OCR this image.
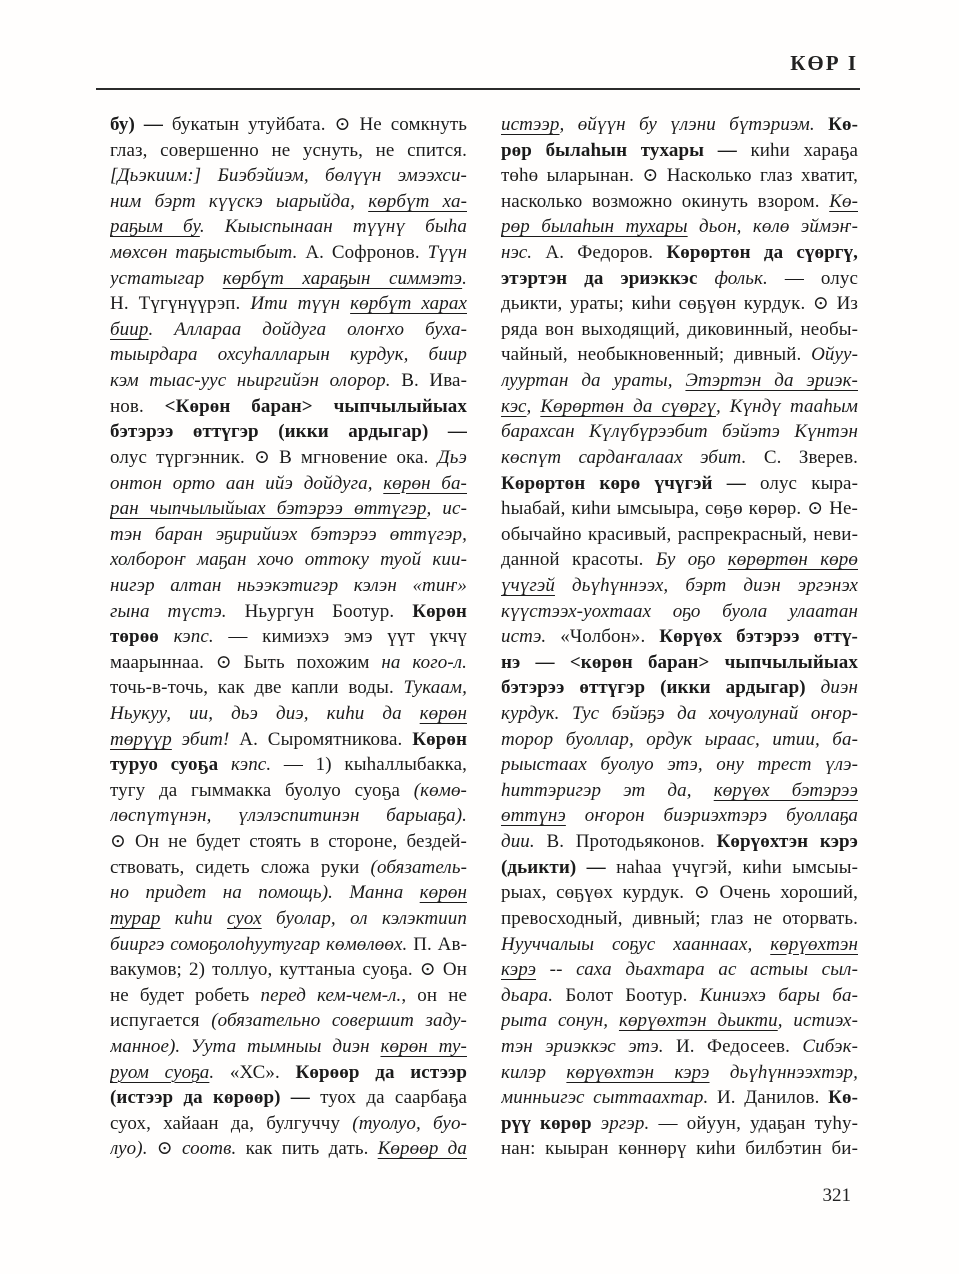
КӨР I
бу) — букатын утуйбата. ⊙ Не сомкнуть
глаз, совершенно не уснуть, не спится.
[Дьэкиим:] Биэбэйиэм, бөлүүн эмээхси-
ним бэрт күүскэ ыарыйда, көрбүт ха-
раҕым бу. Кыыспынаан түүнү быһа
мөхсөн таҕыстыбыт. А. Софронов. Түүн
устатыгар көрбүт хараҕын симмэтэ.
Н. Түгүнүүрэп. Ити түүн көрбүт харах
биир. Аллараа дойдуга олоҥхо буха-
тыырдара охсуһалларын курдук, биир
кэм тыас-уус ньиргийэн олорор. В. Ива-
нов. <Көрөн баран> чыпчылыйыах
бэтэрээ өттүгэр (икки ардыгар) —
олус түргэнник. ⊙ В мгновение ока. Дьэ
онтон орто аан ийэ дойдуга, көрөн ба-
ран чыпчылыйыах бэтэрээ өттүгэр, ис-
тэн баран эҕирийиэх бэтэрээ өттүгэр,
холбороҥ маҕан хочо оттоку туой кии-
нигэр алтан ньээкэтигэр кэлэн «тиҥ»
гына түстэ. Ньургун Боотур. Көрөн
төрөө кэпс. — кимиэхэ эмэ үүт үкчү
маарыннаа. ⊙ Быть похожим на кого-л.
точь-в-точь, как две капли воды. Тукаам,
Ньукуу, ии, дьэ диэ, киһи да көрөн
төрүүр эбит! А. Сыромятникова. Көрөн
туруо суоҕа кэпс. — 1) кыһаллыбакка,
тугу да гыммакка буолуо суоҕа (көмө-
лөспүтүнэн, үлэлэспитинэн барыаҕа).
⊙ Он не будет стоять в стороне, бездей-
ствовать, сидеть сложа руки (обязатель-
но придет на помощь). Манна көрөн
турар киһи суох буолар, ол кэлэктиип
бииргэ сомоҕолоһуутугар көмөлөөх. П. Ав-
вакумов; 2) толлуо, куттаныа суоҕа. ⊙ Он
не будет робеть перед кем-чем-л., он не
испугается (обязательно совершит заду-
манное). Уута тымныы диэн көрөн ту-
руом суоҕа. «ХС». Көрөөр да истээр
(истээр да көрөөр) — туох да саарбаҕа
суох, хайаан да, булгуччу (туолуо, буо-
луо). ⊙ соотв. как пить дать. Көрөөр да
истээр, өйүүн бу үлэни бүтэриэм. Кө-
рөр былаһын тухары — киһи хараҕа
төһө ыларынан. ⊙ Насколько глаз хватит,
насколько возможно окинуть взором. Кө-
рөр былаһын тухары дьон, көлө эймэҥ-
нэс. А. Федоров. Көрөртөн да сүөргү,
этэртэн да эриэккэс фольк. — олус
дьикти, ураты; киһи сөҕүөн курдук. ⊙ Из
ряда вон выходящий, диковинный, необы-
чайный, необыкновенный; дивный. Ойуу-
лууртан да ураты, Этэртэн да эриэк-
кэс, Көрөртөн да сүөргү, Күндү тааһым
барахсан Күлүбүрээбит бэйэтэ Күнтэн
көспүт сардаҥалаах эбит. С. Зверев.
Көрөртөн көрө үчүгэй — олус кыра-
һыабай, киһи ымсыыра, сөҕө көрөр. ⊙ Не-
обычайно красивый, распрекрасный, неви-
данной красоты. Бу оҕо көрөртөн көрө
үчүгэй дьүһүннээх, бэрт диэн эргэнэх
күүстээх-уохтаах оҕо буола улаатан
истэ. «Чолбон». Көрүөх бэтэрээ өттү-
нэ — <көрөн баран> чыпчылыйыах
бэтэрээ өттүгэр (икки ардыгар) диэн
курдук. Тус бэйэҕэ да хочуолунай оҥор-
торор буоллар, ордук ыраас, итии, ба-
рыыстаах буолуо этэ, ону трест үлэ-
һиттэригэр эт да, көрүөх бэтэрээ
өттүнэ оҥорон биэриэхтэрэ буоллаҕа
дии. В. Протодьяконов. Көрүөхтэн кэрэ
(дьикти) — наһаа үчүгэй, киһи ымсыы-
рыах, сөҕүөх курдук. ⊙ Очень хороший,
превосходный, дивный; глаз не оторвать.
Нууччалыы соҕус хааннаах, көрүөхтэн
кэрэ -- саха дьахтара ас астыы сыл-
дьара. Болот Боотур. Киниэхэ бары ба-
рыта сонун, көрүөхтэн дьикти, истиэх-
тэн эриэккэс этэ. И. Федосеев. Сибэк-
килэр көрүөхтэн кэрэ дьүһүннээхтэр,
минньигэс сыттаахтар. И. Данилов. Кө-
рүү көрөр эргэр. — ойуун, удаҕан туһу-
нан: кыыран көннөрү киһи билбэтин би-
321
